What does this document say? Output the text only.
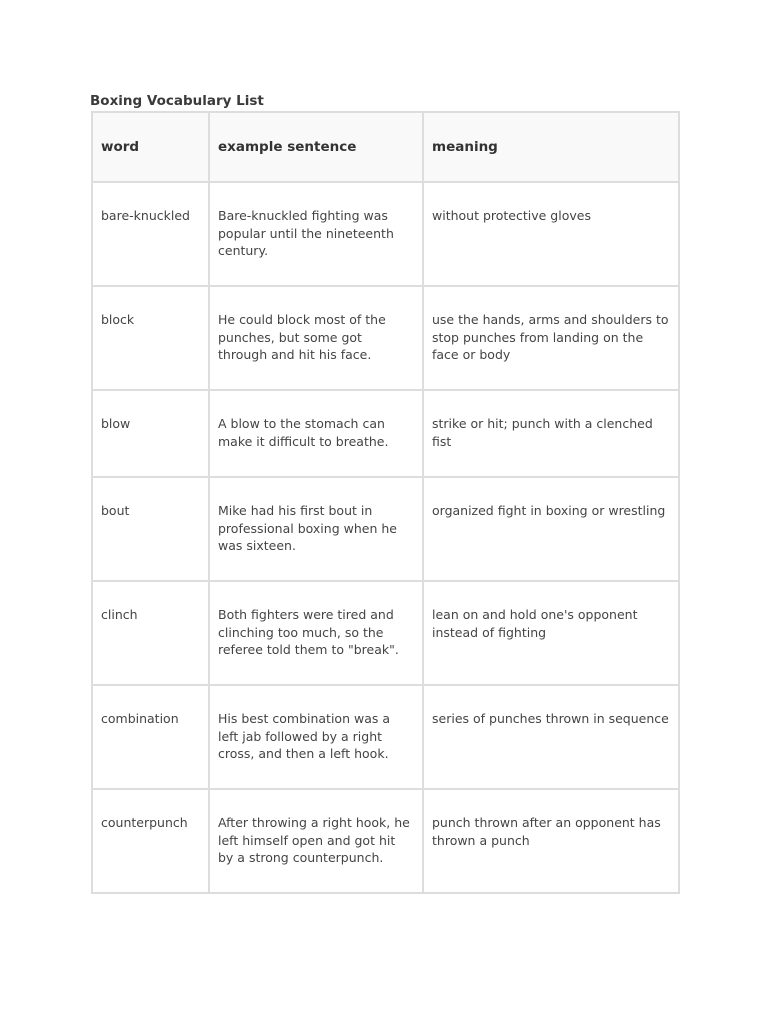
Boxing Vocabulary List
word	example sentence	meaning
bare-knuckled	Bare-knuckled fighting was popular until the nineteenth century.	without protective gloves
block	He could block most of the punches, but some got through and hit his face.	use the hands, arms and shoulders to stop punches from landing on the face or body
blow	A blow to the stomach can make it difficult to breathe.	strike or hit; punch with a clenched fist
bout	Mike had his first bout in professional boxing when he was sixteen.	organized fight in boxing or wrestling
clinch	Both fighters were tired and clinching too much, so the referee told them to "break".	lean on and hold one's opponent instead of fighting
combination	His best combination was a left jab followed by a right cross, and then a left hook.	series of punches thrown in sequence
counterpunch	After throwing a right hook, he left himself open and got hit by a strong counterpunch.	punch thrown after an opponent has thrown a punch
